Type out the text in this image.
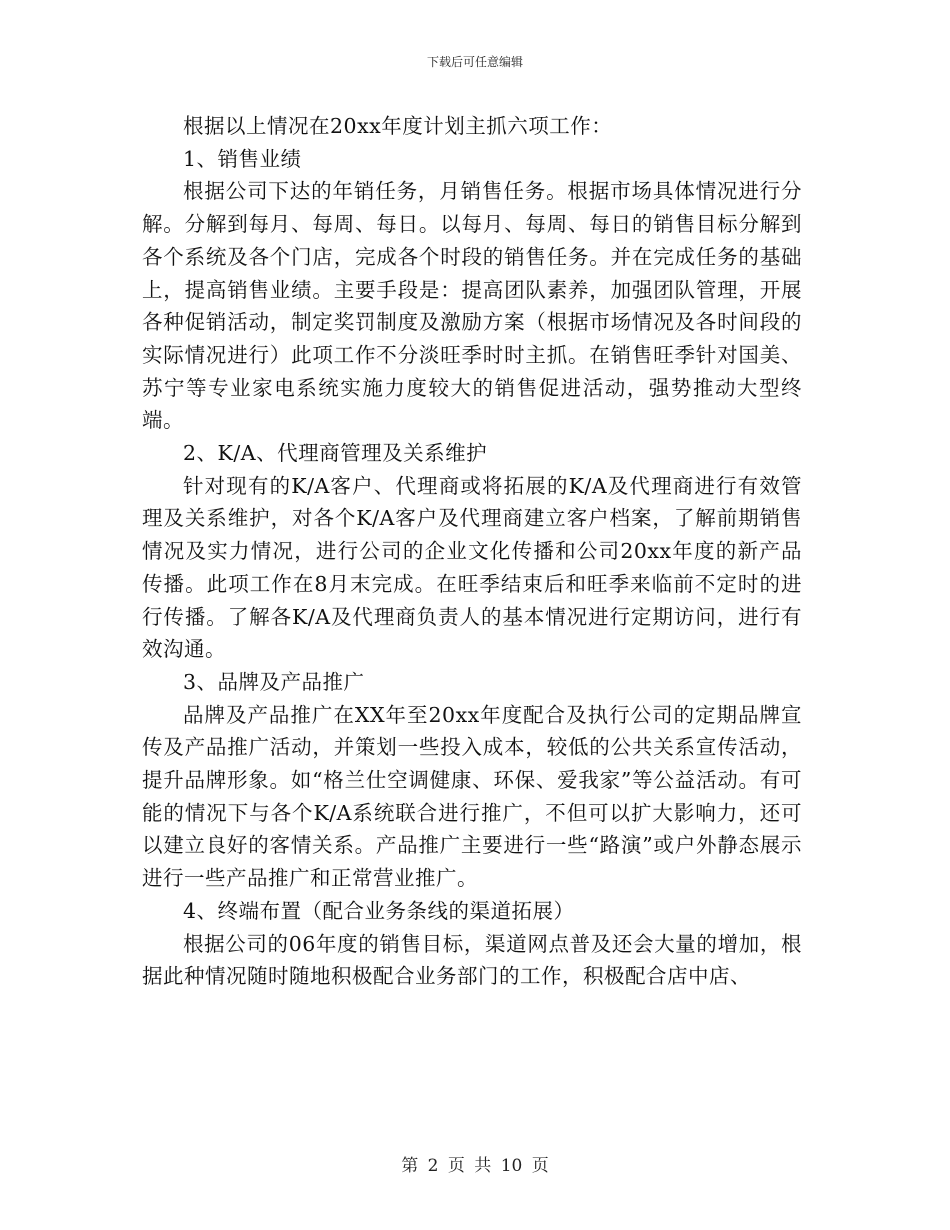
下载后可任意编辑

根据以上情况在20xx年度计划主抓六项工作：

1、销售业绩

根据公司下达的年销任务，月销售任务。根据市场具体情况进行分解。分解到每月、每周、每日。以每月、每周、每日的销售目标分解到各个系统及各个门店，完成各个时段的销售任务。并在完成任务的基础上，提高销售业绩。主要手段是：提高团队素养，加强团队管理，开展各种促销活动，制定奖罚制度及激励方案（根据市场情况及各时间段的实际情况进行）此项工作不分淡旺季时时主抓。在销售旺季针对国美、苏宁等专业家电系统实施力度较大的销售促进活动，强势推动大型终端。

2、K/A、代理商管理及关系维护

针对现有的K/A客户、代理商或将拓展的K/A及代理商进行有效管理及关系维护，对各个K/A客户及代理商建立客户档案，了解前期销售情况及实力情况，进行公司的企业文化传播和公司20xx年度的新产品传播。此项工作在8月末完成。在旺季结束后和旺季来临前不定时的进行传播。了解各K/A及代理商负责人的基本情况进行定期访问，进行有效沟通。

3、品牌及产品推广

品牌及产品推广在XX年至20xx年度配合及执行公司的定期品牌宣传及产品推广活动，并策划一些投入成本，较低的公共关系宣传活动，提升品牌形象。如“格兰仕空调健康、环保、爱我家”等公益活动。有可能的情况下与各个K/A系统联合进行推广，不但可以扩大影响力，还可以建立良好的客情关系。产品推广主要进行一些“路演”或户外静态展示进行一些产品推广和正常营业推广。

4、终端布置（配合业务条线的渠道拓展）

根据公司的06年度的销售目标，渠道网点普及还会大量的增加，根据此种情况随时随地积极配合业务部门的工作，积极配合店中店、

第 2 页 共 10 页
